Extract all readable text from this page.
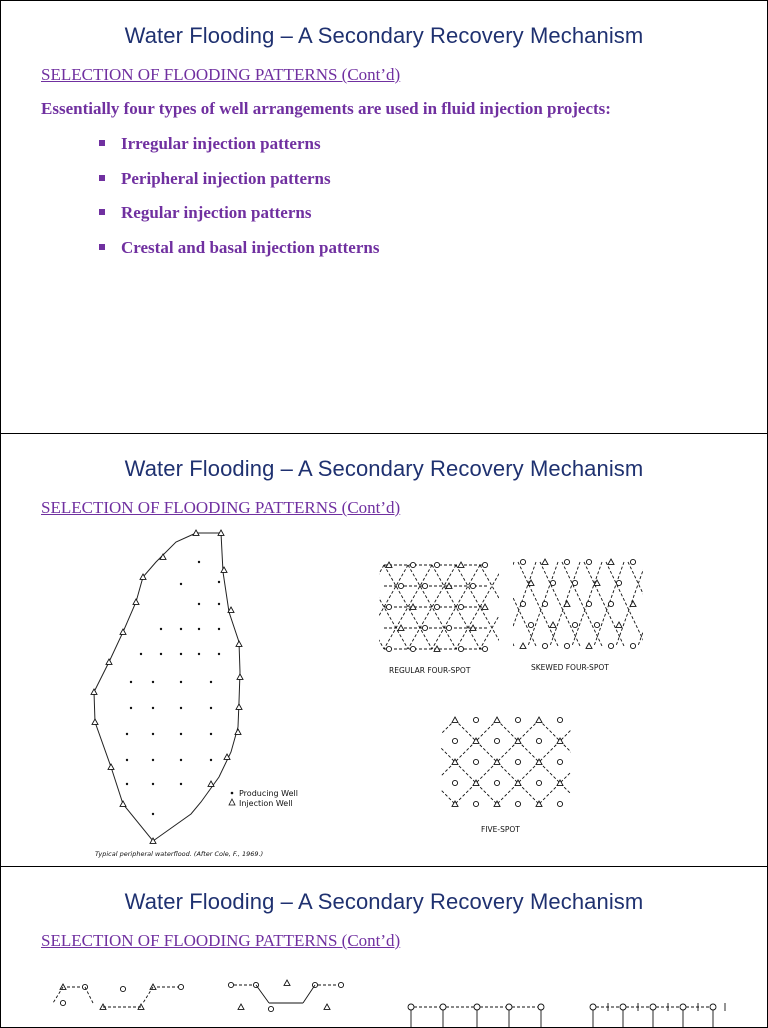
Water Flooding – A Secondary Recovery Mechanism
SELECTION OF FLOODING PATTERNS (Cont’d)
Essentially four types of well arrangements are used in fluid injection projects:
Irregular injection patterns
Peripheral injection patterns
Regular injection patterns
Crestal and basal injection patterns
Water Flooding – A Secondary Recovery Mechanism
SELECTION OF FLOODING PATTERNS (Cont’d)
Producing Well
Injection Well
Typical peripheral waterflood. (After Cole, F., 1969.)
REGULAR FOUR-SPOT	SKEWED FOUR-SPOT
FIVE-SPOT
Water Flooding – A Secondary Recovery Mechanism
SELECTION OF FLOODING PATTERNS (Cont’d)
